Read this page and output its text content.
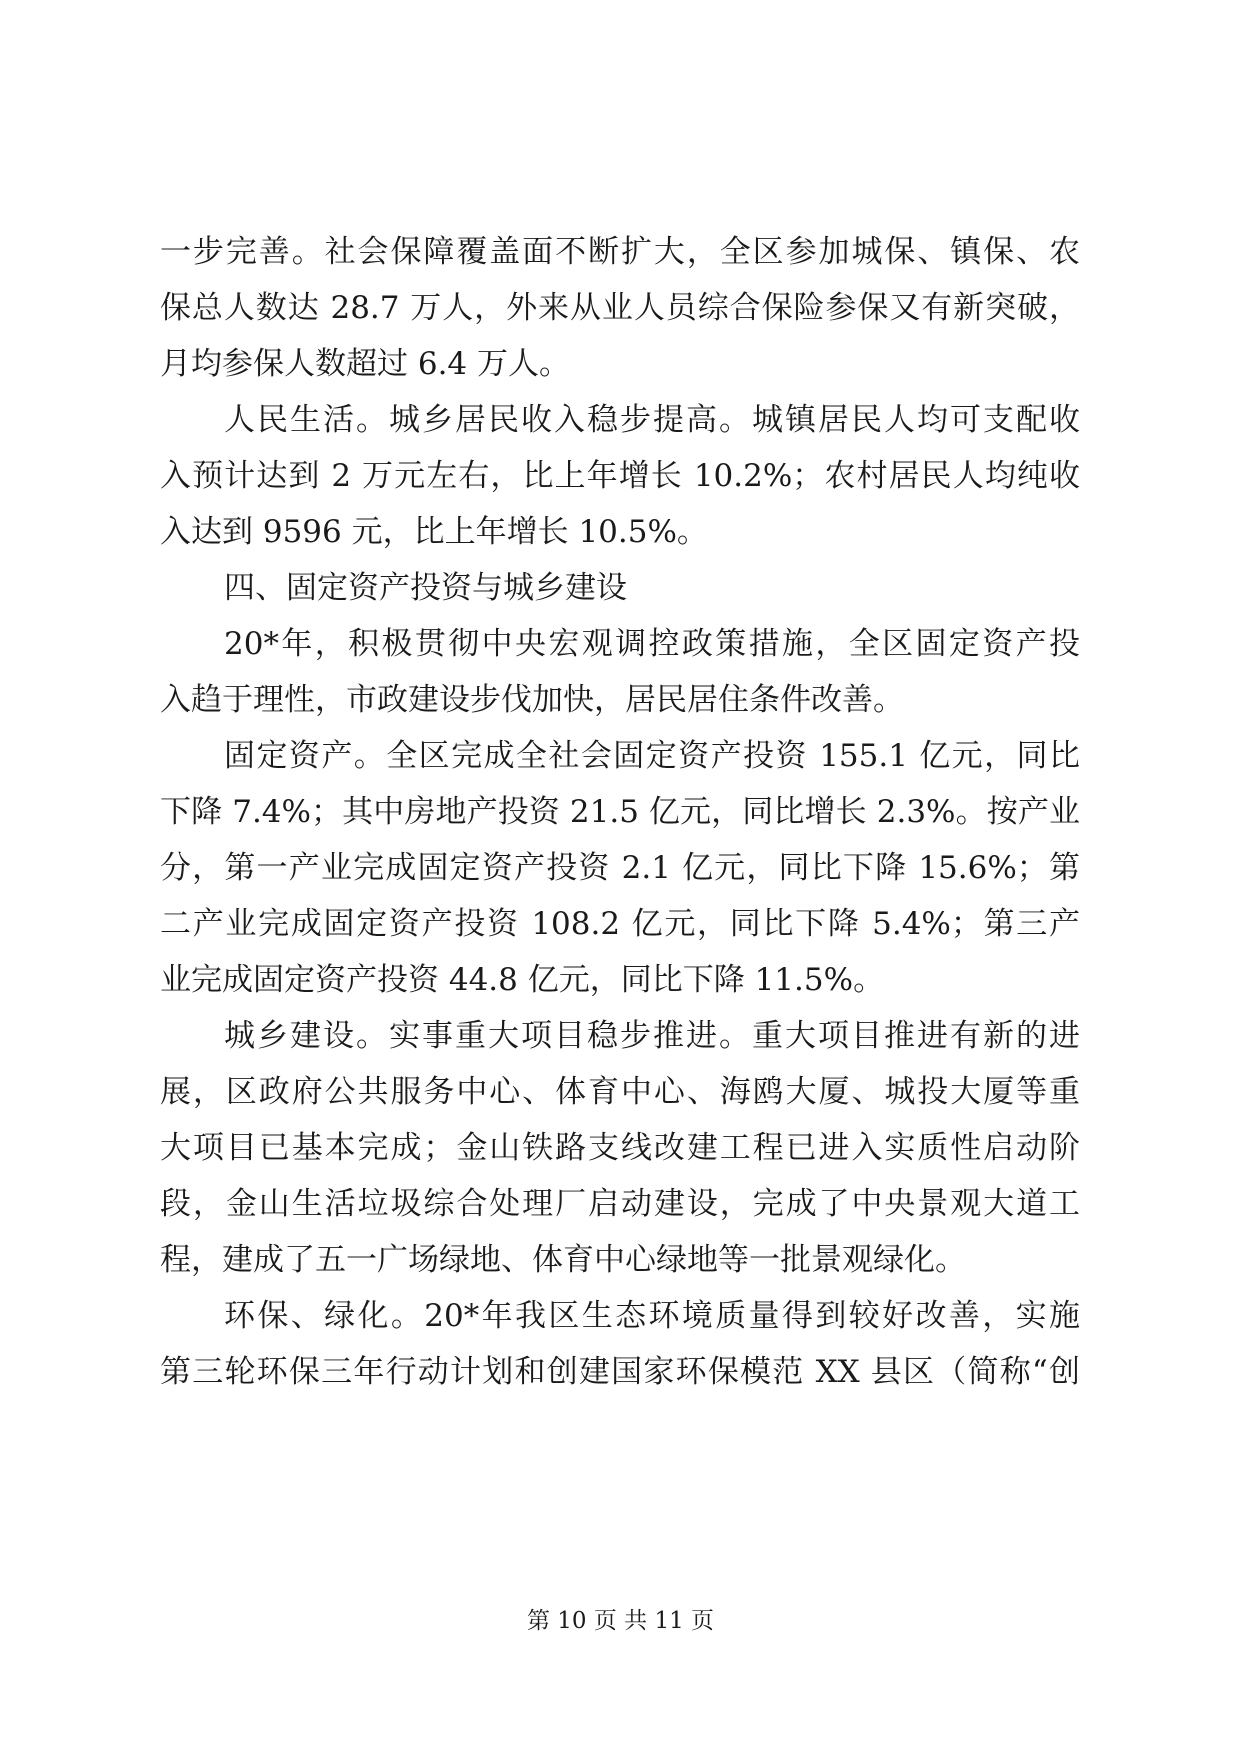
一步完善。社会保障覆盖面不断扩大，全区参加城保、镇保、农
保总人数达 28.7 万人，外来从业人员综合保险参保又有新突破，
月均参保人数超过 6.4 万人。
人民生活。城乡居民收入稳步提高。城镇居民人均可支配收
入预计达到 2 万元左右，比上年增长 10.2%；农村居民人均纯收
入达到 9596 元，比上年增长 10.5%。
四、固定资产投资与城乡建设
20*年，积极贯彻中央宏观调控政策措施，全区固定资产投
入趋于理性，市政建设步伐加快，居民居住条件改善。
固定资产。全区完成全社会固定资产投资 155.1 亿元，同比
下降 7.4%；其中房地产投资 21.5 亿元，同比增长 2.3%。按产业
分，第一产业完成固定资产投资 2.1 亿元，同比下降 15.6%；第
二产业完成固定资产投资 108.2 亿元，同比下降 5.4%；第三产
业完成固定资产投资 44.8 亿元，同比下降 11.5%。
城乡建设。实事重大项目稳步推进。重大项目推进有新的进
展，区政府公共服务中心、体育中心、海鸥大厦、城投大厦等重
大项目已基本完成；金山铁路支线改建工程已进入实质性启动阶
段，金山生活垃圾综合处理厂启动建设，完成了中央景观大道工
程，建成了五一广场绿地、体育中心绿地等一批景观绿化。
环保、绿化。20*年我区生态环境质量得到较好改善，实施
第三轮环保三年行动计划和创建国家环保模范 XX 县区（简称“创
第 10 页 共 11 页
